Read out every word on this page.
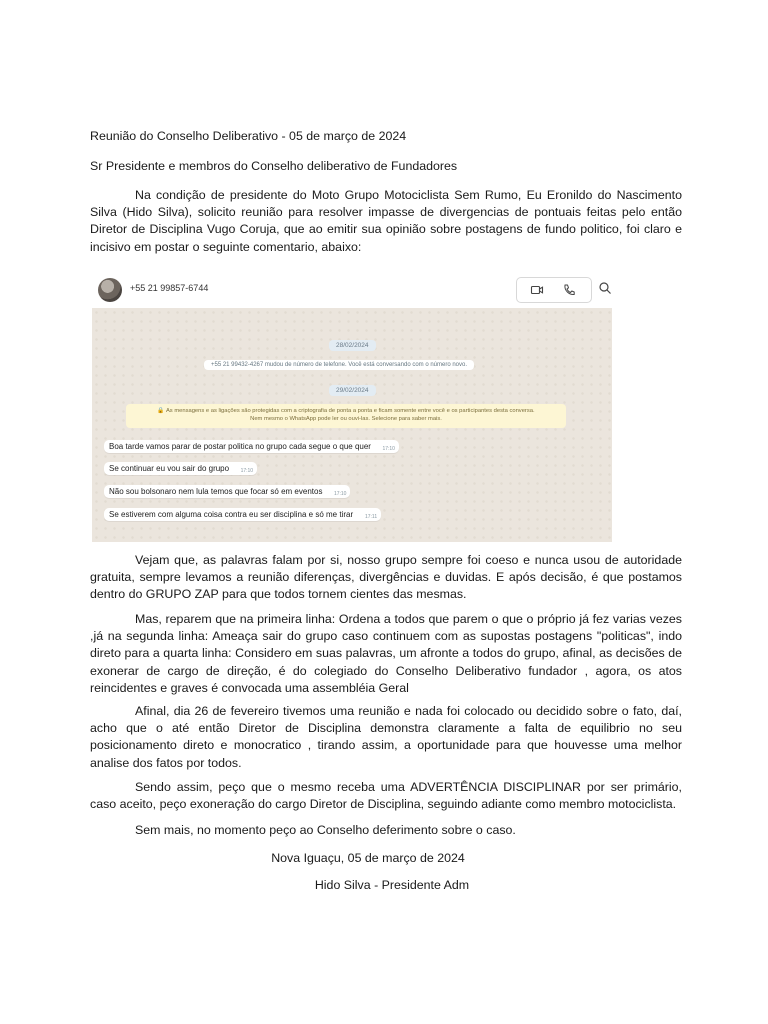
Reunião do Conselho Deliberativo - 05 de março de 2024
Sr Presidente e membros do Conselho deliberativo de Fundadores
Na condição de presidente do Moto Grupo Motociclista Sem Rumo, Eu Eronildo do Nascimento Silva (Hido Silva), solicito reunião para resolver impasse de divergencias de pontuais feitas pelo então Diretor de Disciplina Vugo Coruja, que ao emitir sua opinião sobre postagens de fundo politico, foi claro e incisivo em postar o seguinte comentario, abaixo:
+55 21 99857-6744
28/02/2024
+55 21 99432-4267 mudou de número de telefone. Você está conversando com o número novo.
29/02/2024
🔒 As mensagens e as ligações são protegidas com a criptografia de ponta a ponta e ficam somente entre você e os participantes desta conversa.
Nem mesmo o WhatsApp pode ler ou ouvi-las. Selecione para saber mais.
Boa tarde vamos parar de postar politica no grupo cada segue o que quer 17:10
Se continuar eu vou sair do grupo 17:10
Não sou bolsonaro nem lula temos que focar só em eventos 17:10
Se estiverem com alguma coisa contra eu ser disciplina e só me tirar 17:11
Vejam que, as palavras falam por si, nosso grupo sempre foi coeso e nunca usou de autoridade gratuita, sempre levamos a reunião diferenças, divergências e duvidas. E após decisão, é que postamos dentro do GRUPO ZAP para que todos tornem cientes das mesmas.
Mas, reparem que na primeira linha: Ordena a todos que parem o que o próprio já fez varias vezes ,já na segunda linha: Ameaça sair do grupo caso continuem com as supostas postagens "politicas", indo direto para a quarta linha: Considero em suas palavras, um afronte a todos do grupo, afinal, as decisões de exonerar de cargo de direção, é do colegiado do Conselho Deliberativo fundador , agora, os atos reincidentes e graves é convocada uma assembléia Geral
Afinal, dia 26 de fevereiro tivemos uma reunião e nada foi colocado ou decidido sobre o fato, daí, acho que o até então Diretor de Disciplina demonstra claramente a falta de equilibrio no seu posicionamento direto e monocratico , tirando assim, a oportunidade para que houvesse uma melhor analise dos fatos por todos.
Sendo assim, peço que o mesmo receba uma ADVERTÊNCIA DISCIPLINAR por ser primário, caso aceito, peço exoneração do cargo Diretor de Disciplina, seguindo adiante como membro motociclista.
Sem mais, no momento peço ao Conselho deferimento sobre o caso.
Nova Iguaçu, 05 de março de 2024
Hido Silva - Presidente Adm
